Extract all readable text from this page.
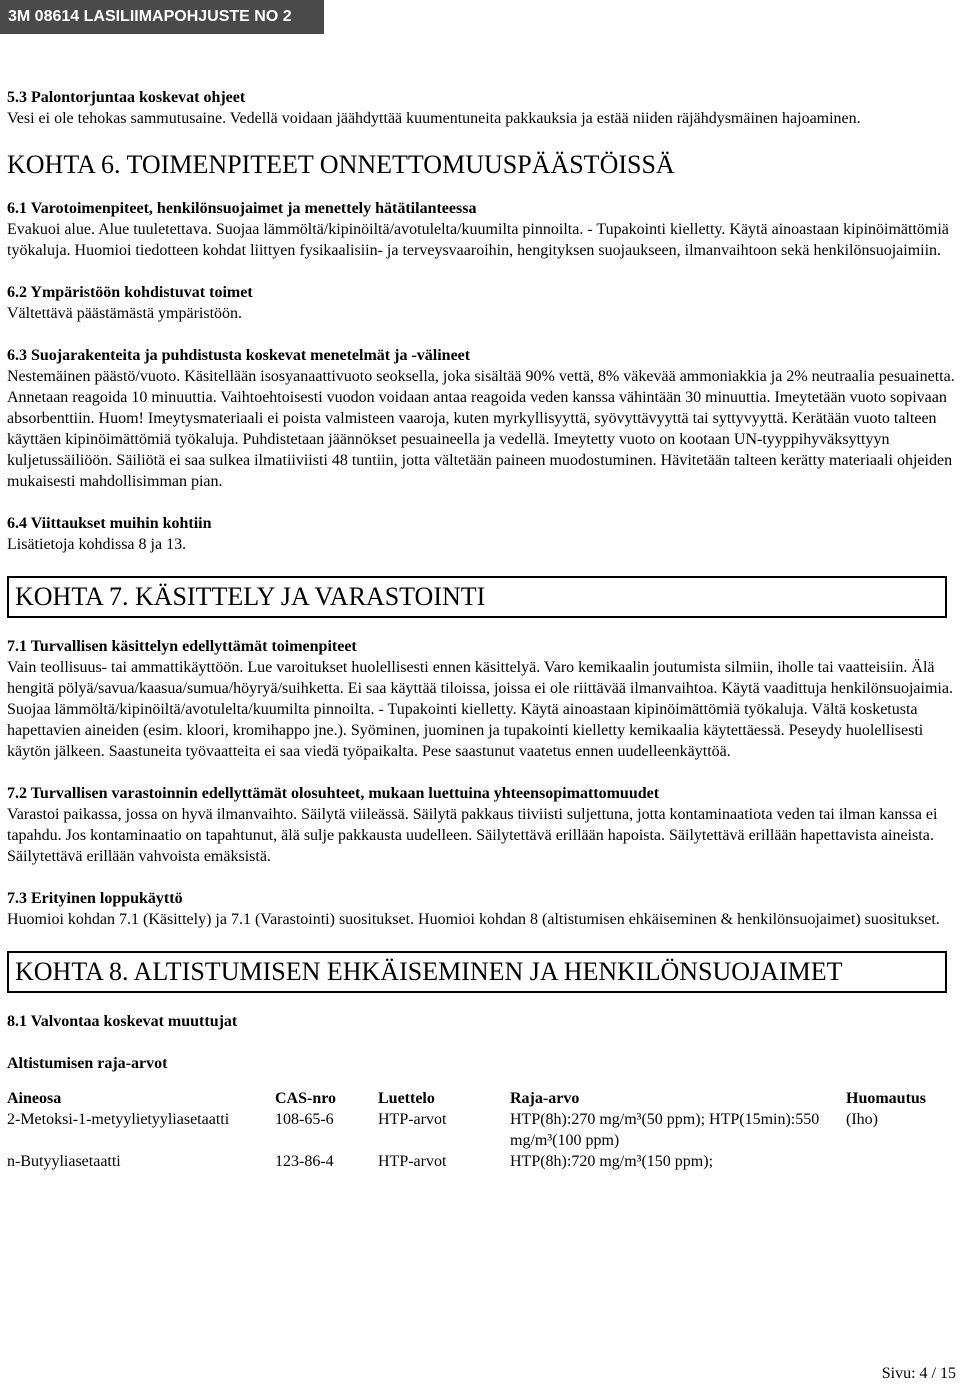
3M 08614 LASILIIMAPOHJUSTE NO 2

5.3 Palontorjuntaa koskevat ohjeet

Vesi ei ole tehokas sammutusaine. Vedellä voidaan jäähdyttää kuumentuneita pakkauksia ja estää niiden räjähdysmäinen hajoaminen.

KOHTA 6. TOIMENPITEET ONNETTOMUUSPÄÄSTÖISSÄ

6.1 Varotoimenpiteet, henkilönsuojaimet ja menettely hätätilanteessa

Evakuoi alue. Alue tuuletettava. Suojaa lämmöltä/kipinöiltä/avotulelta/kuumilta pinnoilta. - Tupakointi kielletty. Käytä ainoastaan kipinöimättömiä työkaluja. Huomioi tiedotteen kohdat liittyen fysikaalisiin- ja terveysvaaroihin, hengityksen suojaukseen, ilmanvaihtoon sekä henkilönsuojaimiin.

6.2 Ympäristöön kohdistuvat toimet

Vältettävä päästämästä ympäristöön.

6.3 Suojarakenteita ja puhdistusta koskevat menetelmät ja -välineet

Nestemäinen päästö/vuoto. Käsitellään isosyanaattivuoto seoksella, joka sisältää 90% vettä, 8% väkevää ammoniakkia ja 2% neutraalia pesuainetta. Annetaan reagoida 10 minuuttia. Vaihtoehtoisesti vuodon voidaan antaa reagoida veden kanssa vähintään 30 minuuttia. Imeytetään vuoto sopivaan absorbenttiin. Huom! Imeytysmateriaali ei poista valmisteen vaaroja, kuten myrkyllisyyttä, syövyttävyyttä tai syttyvyyttä. Kerätään vuoto talteen käyttäen kipinöimättömiä työkaluja. Puhdistetaan jäännökset pesuaineella ja vedellä. Imeytetty vuoto on kootaan UN-tyyppihyväksyttyyn kuljetussäiliöön. Säiliötä ei saa sulkea ilmatiiviisti 48 tuntiin, jotta vältetään paineen muodostuminen. Hävitetään talteen kerätty materiaali ohjeiden mukaisesti mahdollisimman pian.

6.4 Viittaukset muihin kohtiin

Lisätietoja kohdissa 8 ja 13.

KOHTA 7. KÄSITTELY JA VARASTOINTI

7.1 Turvallisen käsittelyn edellyttämät toimenpiteet

Vain teollisuus- tai ammattikäyttöön. Lue varoitukset huolellisesti ennen käsittelyä. Varo kemikaalin joutumista silmiin, iholle tai vaatteisiin. Älä hengitä pölyä/savua/kaasua/sumua/höyryä/suihketta. Ei saa käyttää tiloissa, joissa ei ole riittävää ilmanvaihtoa. Käytä vaadittuja henkilönsuojaimia. Suojaa lämmöltä/kipinöiltä/avotulelta/kuumilta pinnoilta. - Tupakointi kielletty. Käytä ainoastaan kipinöimättömiä työkaluja. Vältä kosketusta hapettavien aineiden (esim. kloori, kromihappo jne.). Syöminen, juominen ja tupakointi kielletty kemikaalia käytettäessä. Peseydy huolellisesti käytön jälkeen. Saastuneita työvaatteita ei saa viedä työpaikalta. Pese saastunut vaatetus ennen uudelleenkäyttöä.

7.2 Turvallisen varastoinnin edellyttämät olosuhteet, mukaan luettuina yhteensopimattomuudet

Varastoi paikassa, jossa on hyvä ilmanvaihto. Säilytä viileässä. Säilytä pakkaus tiiviisti suljettuna, jotta kontaminaatiota veden tai ilman kanssa ei tapahdu. Jos kontaminaatio on tapahtunut, älä sulje pakkausta uudelleen. Säilytettävä erillään hapoista. Säilytettävä erillään hapettavista aineista. Säilytettävä erillään vahvoista emäksistä.

7.3 Erityinen loppukäyttö

Huomioi kohdan 7.1 (Käsittely) ja 7.1 (Varastointi) suositukset. Huomioi kohdan 8 (altistumisen ehkäiseminen & henkilönsuojaimet) suositukset.

KOHTA 8. ALTISTUMISEN EHKÄISEMINEN JA HENKILÖNSUOJAIMET

8.1 Valvontaa koskevat muuttujat

Altistumisen raja-arvot

Aineosa	CAS-nro	Luettelo	Raja-arvo	Huomautus
2-Metoksi-1-metyylietyyliasetaatti	108-65-6	HTP-arvot	HTP(8h):270 mg/m³(50 ppm); HTP(15min):550 mg/m³(100 ppm)	(Iho)
n-Butyyliasetaatti	123-86-4	HTP-arvot	HTP(8h):720 mg/m³(150 ppm);	
Sivu: 4 / 15
